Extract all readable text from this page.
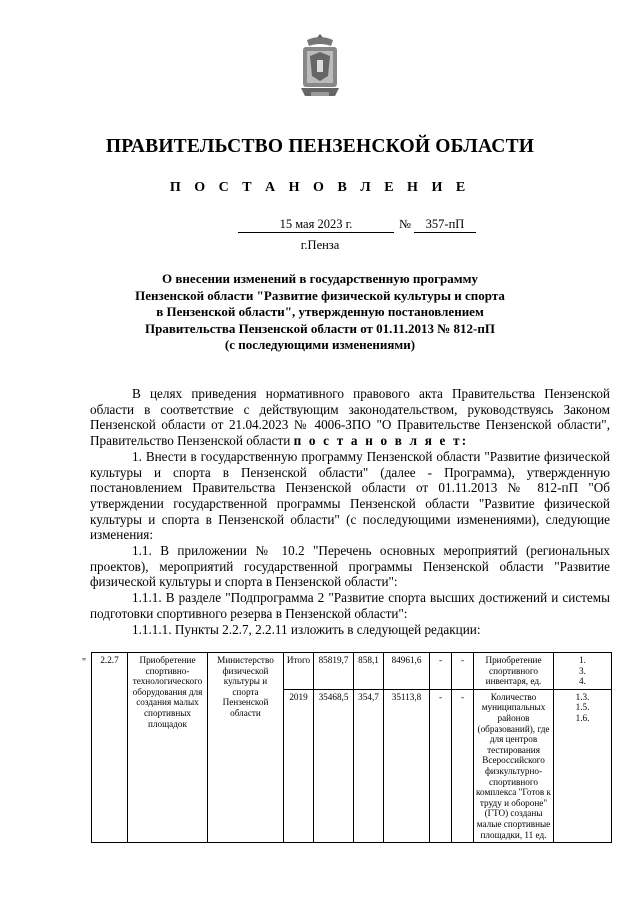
ПРАВИТЕЛЬСТВО ПЕНЗЕНСКОЙ ОБЛАСТИ
П О С Т А Н О В Л Е Н И Е
15 мая 2023 г.	№	357-пП
г.Пенза
О внесении изменений в государственную программу
Пензенской области "Развитие физической культуры и спорта
в Пензенской области", утвержденную постановлением
Правительства Пензенской области от 01.11.2013 № 812-пП
(с последующими изменениями)

В целях приведения нормативного правового акта Правительства Пензенской области в соответствие с действующим законодательством, руководствуясь Законом Пензенской области от 21.04.2023 № 4006-ЗПО "О Правительстве Пензенской области", Правительство Пензенской области п о с т а н о в л я е т:

1. Внести в государственную программу Пензенской области "Развитие физической культуры и спорта в Пензенской области" (далее - Программа), утвержденную постановлением Правительства Пензенской области от 01.11.2013 № 812-пП "Об утверждении государственной программы Пензенской области "Развитие физической культуры и спорта в Пензенской области" (с последующими изменениями), следующие изменения:

1.1. В приложении № 10.2 "Перечень основных мероприятий (региональных проектов), мероприятий государственной программы Пензенской области "Развитие физической культуры и спорта в Пензенской области":

1.1.1. В разделе "Подпрограмма 2 "Развитие спорта высших достижений и системы подготовки спортивного резерва в Пензенской области":

1.1.1.1. Пункты 2.2.7, 2.2.11 изложить в следующей редакции:

" 2.2.7	Приобретение спортивно-технологического оборудования для создания малых спортивных площадок	Министерство физической культуры и спорта Пензенской области	Итого	85819,7	858,1	84961,6	-	-	Приобретение спортивного инвентаря, ед.	1.
3.
4.

			2019	35468,5	354,7	35113,8	-	-	Количество муниципальных районов (образований), где для центров тестирования Всероссийского физкультурно-спортивного комплекса "Готов к труду и обороне" (ГТО) созданы малые спортивные площадки, 11 ед.	1.3.
1.5.
1.6.
